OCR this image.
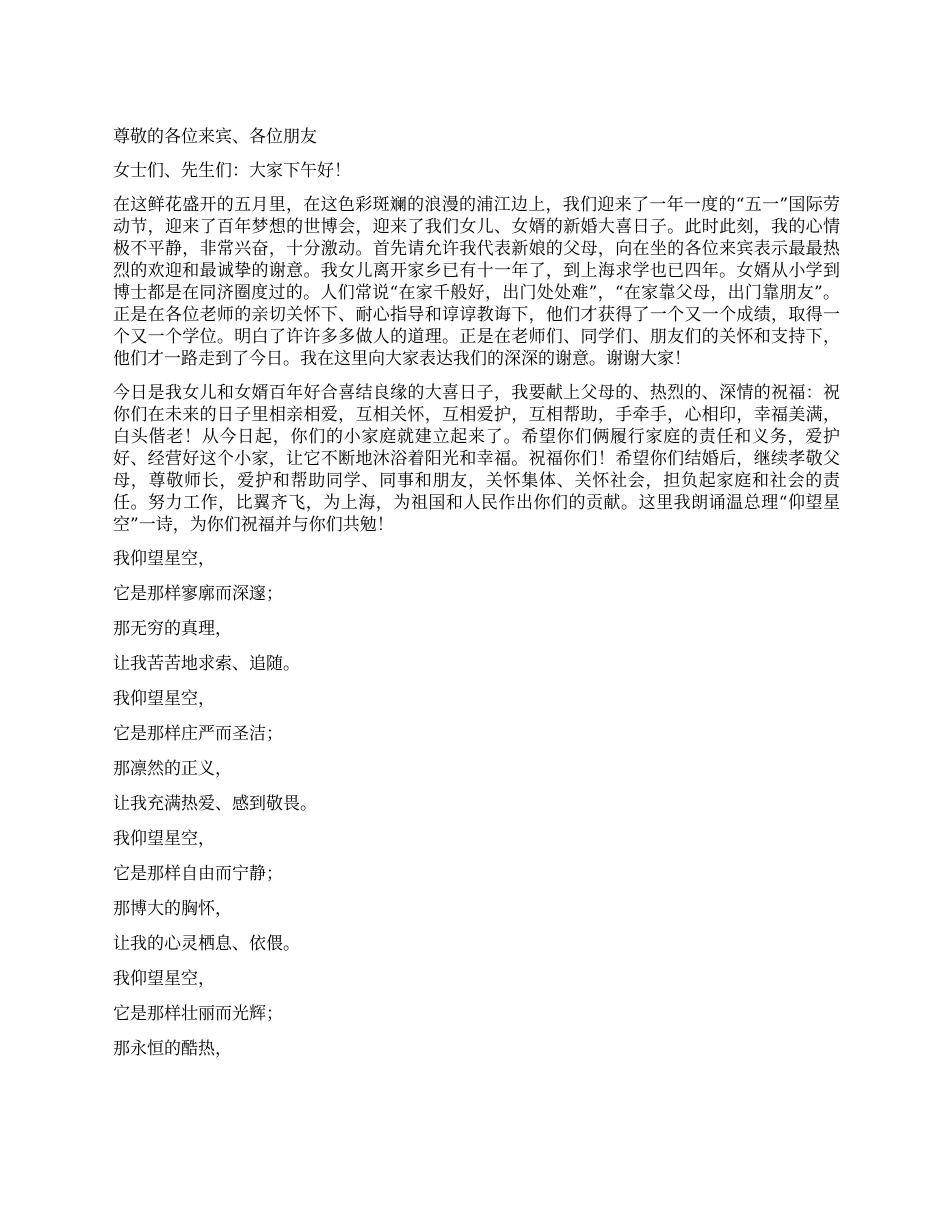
尊敬的各位来宾、各位朋友

女士们、先生们：大家下午好！

在这鲜花盛开的五月里，在这色彩斑斓的浪漫的浦江边上，我们迎来了一年一度的“五一”国际劳动节，迎来了百年梦想的世博会，迎来了我们女儿、女婿的新婚大喜日子。此时此刻，我的心情极不平静，非常兴奋，十分激动。首先请允许我代表新娘的父母，向在坐的各位来宾表示最最热烈的欢迎和最诚挚的谢意。我女儿离开家乡已有十一年了，到上海求学也已四年。女婿从小学到博士都是在同济圈度过的。人们常说“在家千般好，出门处处难”，“在家靠父母，出门靠朋友”。正是在各位老师的亲切关怀下、耐心指导和谆谆教诲下，他们才获得了一个又一个成绩，取得一个又一个学位。明白了许许多多做人的道理。正是在老师们、同学们、朋友们的关怀和支持下，他们才一路走到了今日。我在这里向大家表达我们的深深的谢意。谢谢大家！

今日是我女儿和女婿百年好合喜结良缘的大喜日子，我要献上父母的、热烈的、深情的祝福：祝你们在未来的日子里相亲相爱，互相关怀，互相爱护，互相帮助，手牵手，心相印，幸福美满，白头偕老！从今日起，你们的小家庭就建立起来了。希望你们俩履行家庭的责任和义务，爱护好、经营好这个小家，让它不断地沐浴着阳光和幸福。祝福你们！希望你们结婚后，继续孝敬父母，尊敬师长，爱护和帮助同学、同事和朋友，关怀集体、关怀社会，担负起家庭和社会的责任。努力工作，比翼齐飞，为上海，为祖国和人民作出你们的贡献。这里我朗诵温总理“仰望星空”一诗，为你们祝福并与你们共勉！

我仰望星空，

它是那样寥廓而深邃；

那无穷的真理，

让我苦苦地求索、追随。

我仰望星空，

它是那样庄严而圣洁；

那凛然的正义，

让我充满热爱、感到敬畏。

我仰望星空，

它是那样自由而宁静；

那博大的胸怀，

让我的心灵栖息、依偎。

我仰望星空，

它是那样壮丽而光辉；

那永恒的酷热，
